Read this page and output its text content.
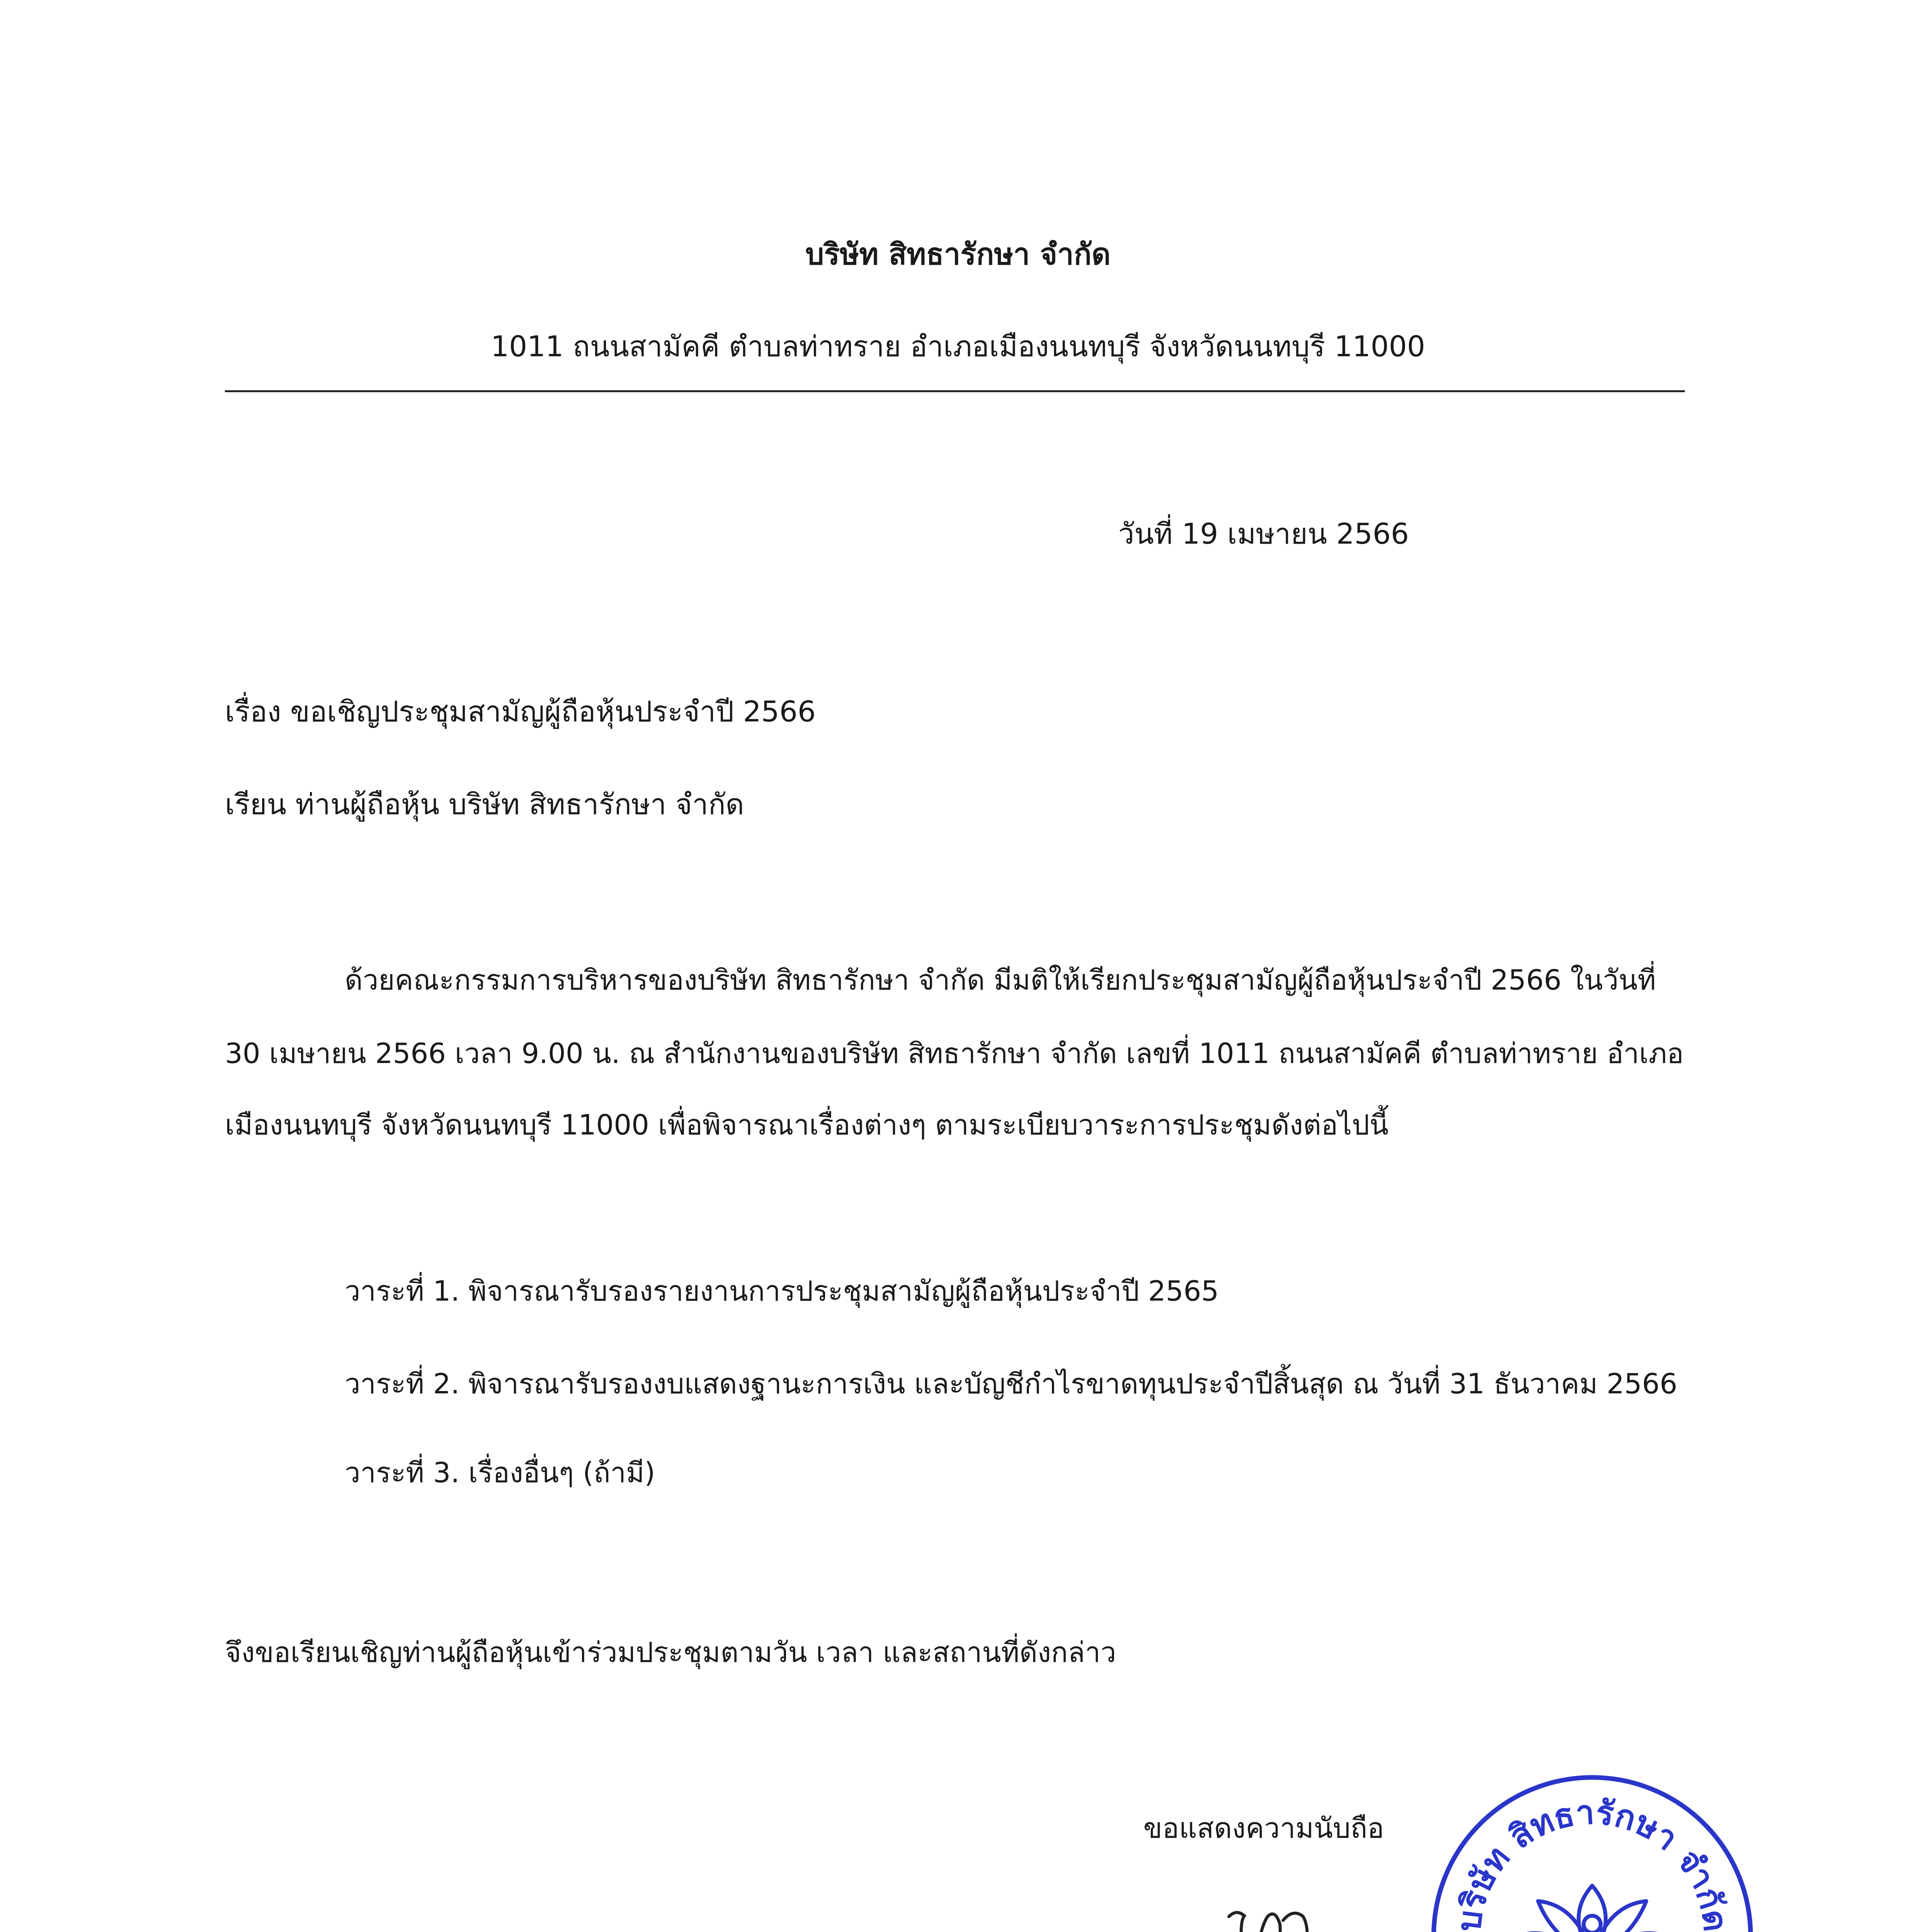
บริษัท สิทธารักษา จำกัด
1011 ถนนสามัคคี ตำบลท่าทราย อำเภอเมืองนนทบุรี จังหวัดนนทบุรี 11000
วันที่ 19 เมษายน 2566
เรื่อง ขอเชิญประชุมสามัญผู้ถือหุ้นประจำปี 2566
เรียน ท่านผู้ถือหุ้น บริษัท สิทธารักษา จำกัด
ด้วยคณะกรรมการบริหารของบริษัท สิทธารักษา จำกัด มีมติให้เรียกประชุมสามัญผู้ถือหุ้นประจำปี 2566 ในวันที่
30 เมษายน 2566 เวลา 9.00 น. ณ สำนักงานของบริษัท สิทธารักษา จำกัด เลขที่ 1011 ถนนสามัคคี ตำบลท่าทราย อำเภอ
เมืองนนทบุรี จังหวัดนนทบุรี 11000 เพื่อพิจารณาเรื่องต่างๆ ตามระเบียบวาระการประชุมดังต่อไปนี้
วาระที่ 1. พิจารณารับรองรายงานการประชุมสามัญผู้ถือหุ้นประจำปี 2565
วาระที่ 2. พิจารณารับรองงบแสดงฐานะการเงิน และบัญชีกำไรขาดทุนประจำปีสิ้นสุด ณ วันที่ 31 ธันวาคม 2566
วาระที่ 3. เรื่องอื่นๆ (ถ้ามี)
จึงขอเรียนเชิญท่านผู้ถือหุ้นเข้าร่วมประชุมตามวัน เวลา และสถานที่ดังกล่าว
ขอแสดงความนับถือ
บริษัท สิทธารักษา จำกัด
